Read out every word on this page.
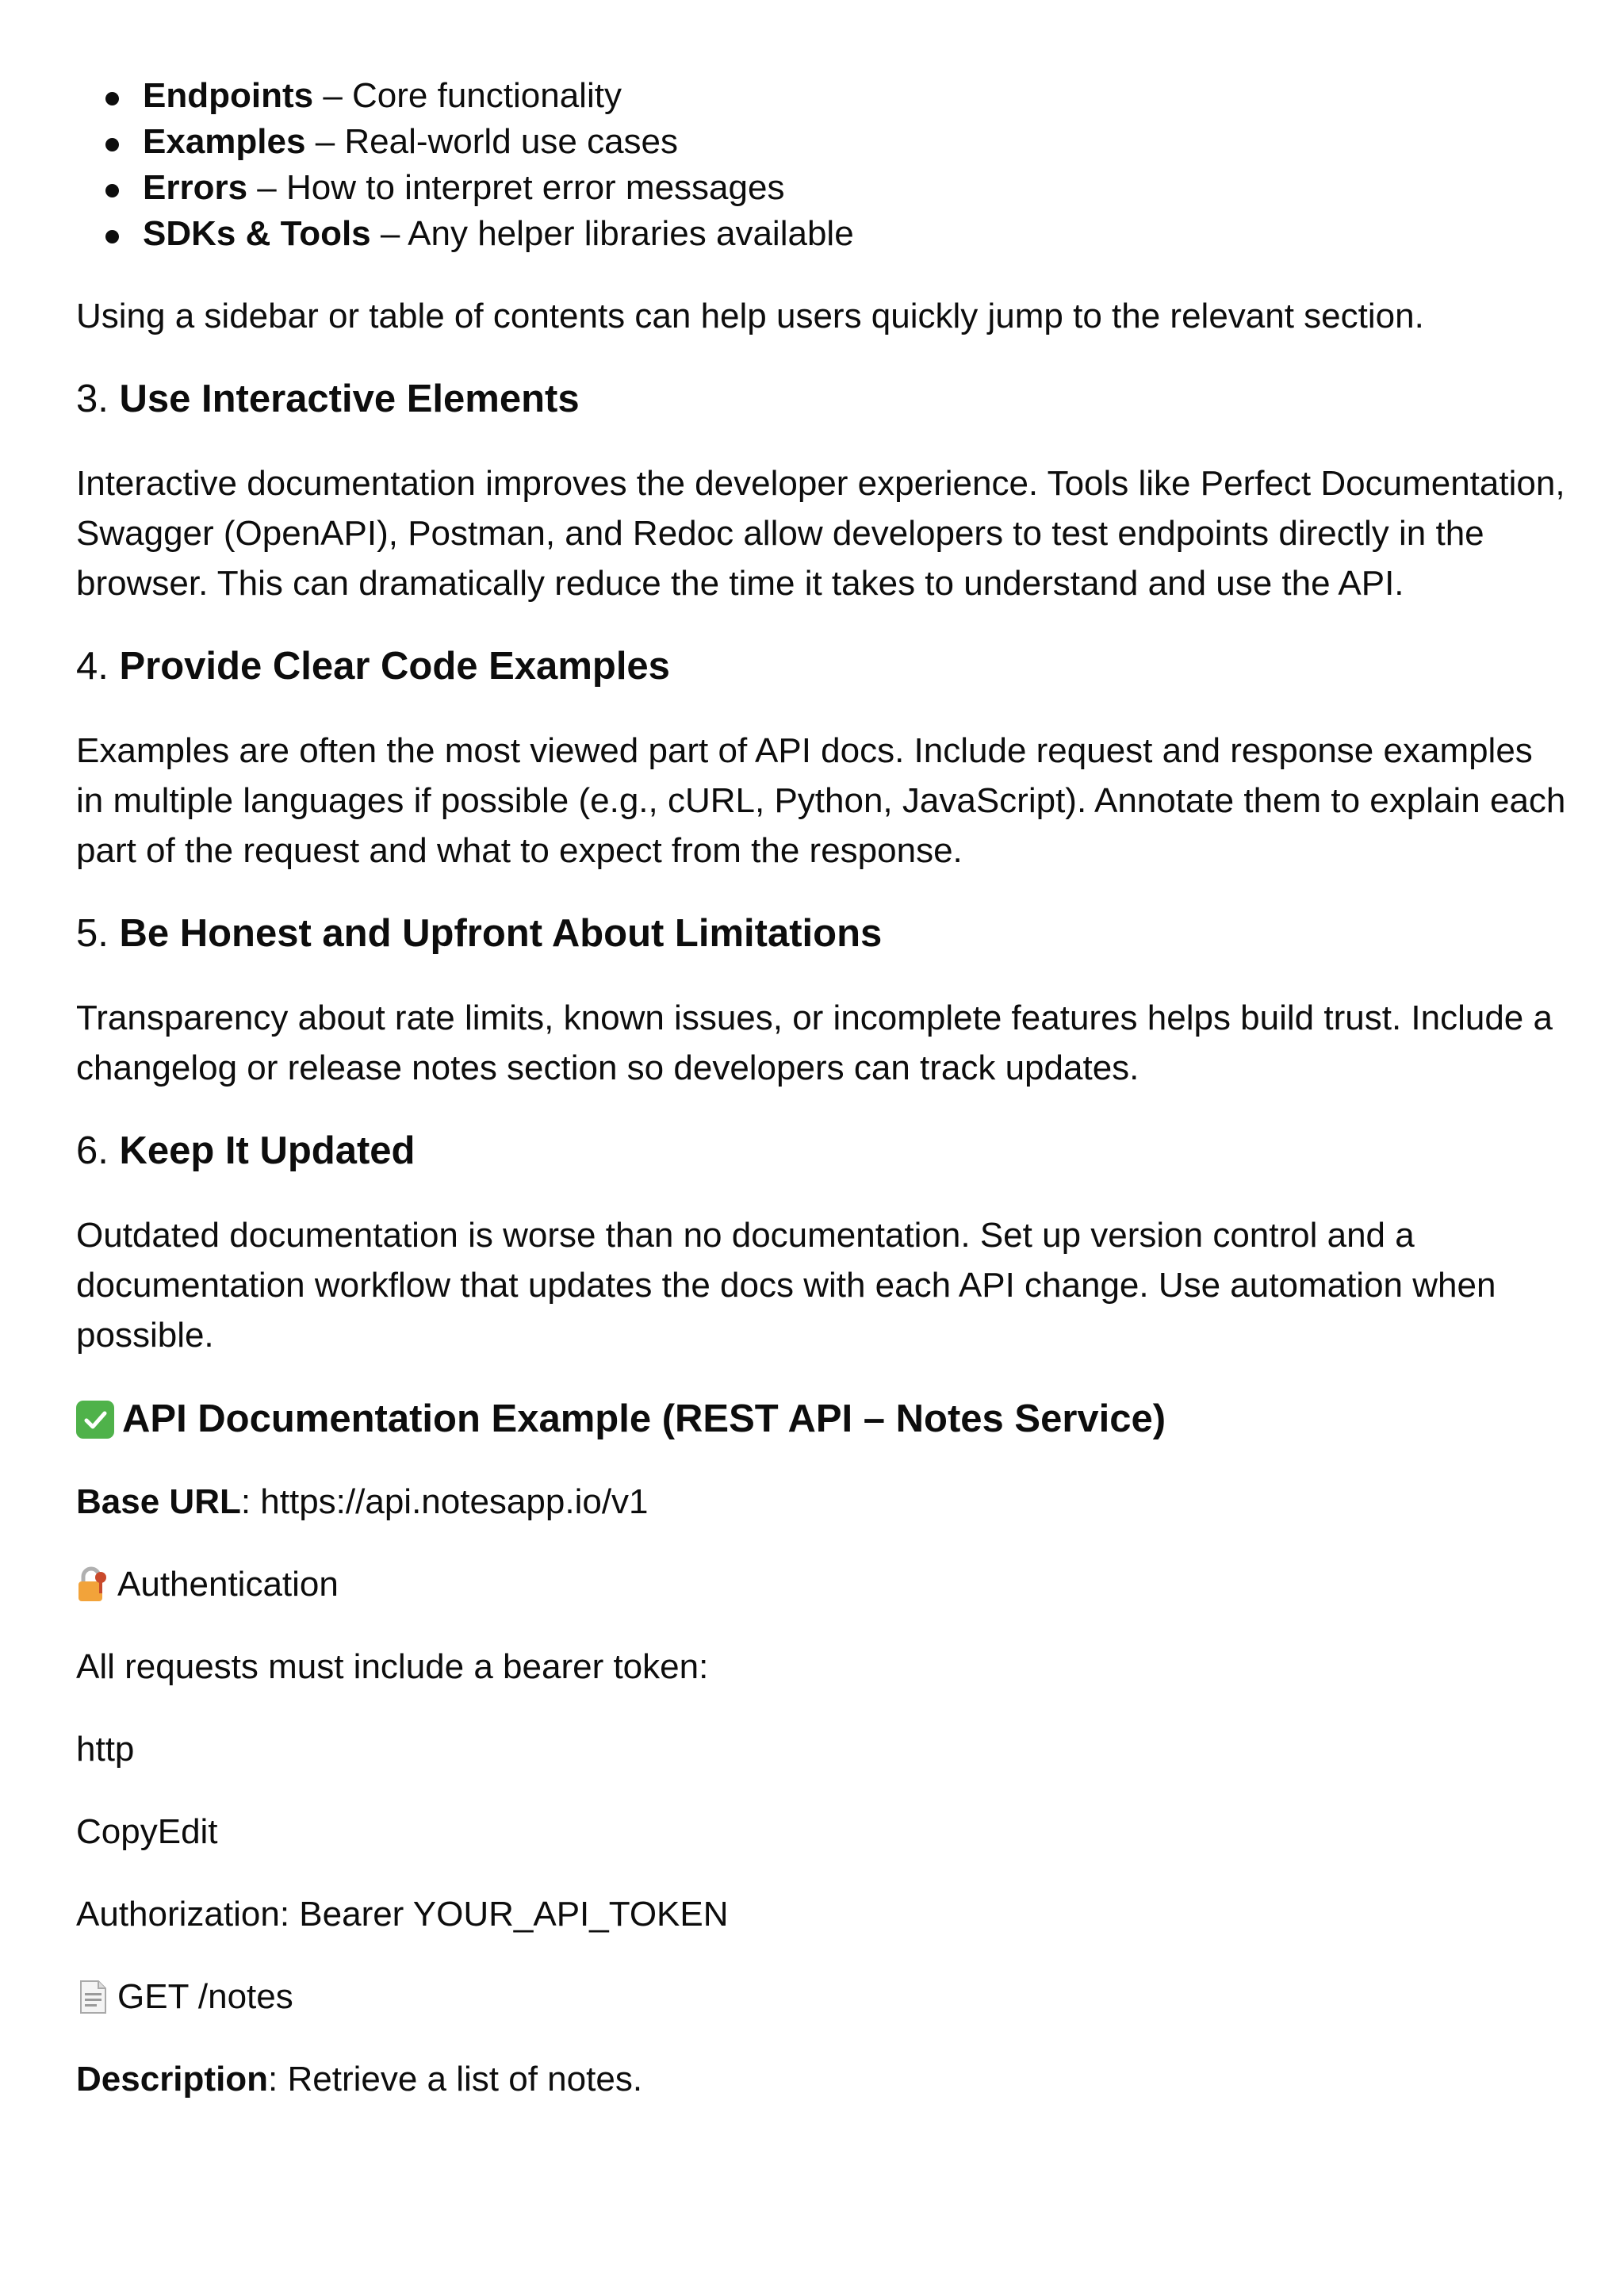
Endpoints – Core functionality
Examples – Real-world use cases
Errors – How to interpret error messages
SDKs & Tools – Any helper libraries available

Using a sidebar or table of contents can help users quickly jump to the relevant section.

3. Use Interactive Elements

Interactive documentation improves the developer experience. Tools like Perfect Documentation, Swagger (OpenAPI), Postman, and Redoc allow developers to test endpoints directly in the browser. This can dramatically reduce the time it takes to understand and use the API.

4. Provide Clear Code Examples

Examples are often the most viewed part of API docs. Include request and response examples in multiple languages if possible (e.g., cURL, Python, JavaScript). Annotate them to explain each part of the request and what to expect from the response.

5. Be Honest and Upfront About Limitations

Transparency about rate limits, known issues, or incomplete features helps build trust. Include a changelog or release notes section so developers can track updates.

6. Keep It Updated

Outdated documentation is worse than no documentation. Set up version control and a documentation workflow that updates the docs with each API change. Use automation when possible.

API Documentation Example (REST API – Notes Service)

Base URL: https://api.notesapp.io/v1

Authentication

All requests must include a bearer token:

http

CopyEdit

Authorization: Bearer YOUR_API_TOKEN

GET /notes

Description: Retrieve a list of notes.
